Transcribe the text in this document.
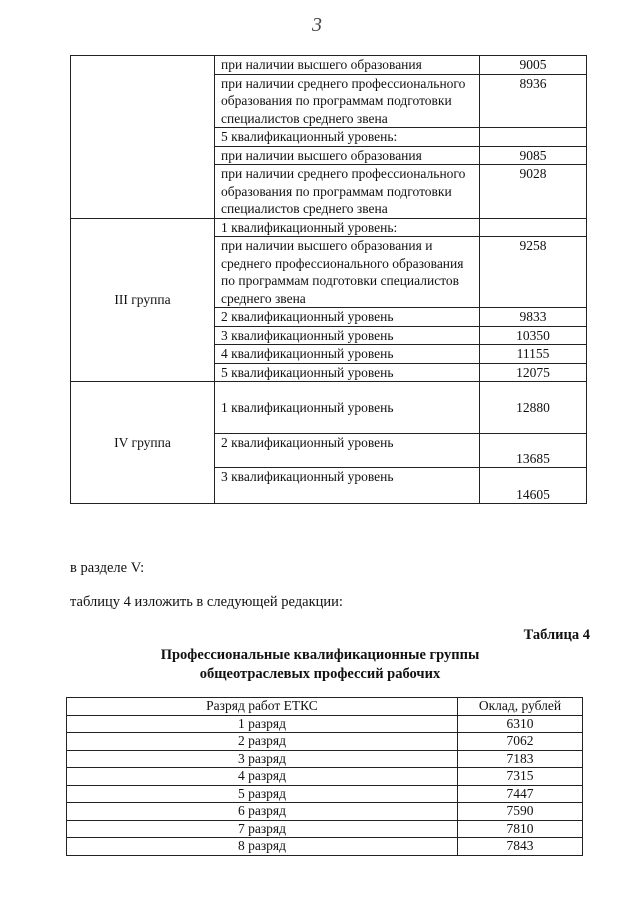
3
	при наличии высшего образования	9005
	при наличии среднего профессионального образования по программам подготовки специалистов среднего звена	8936
	5 квалификационный уровень:	
	при наличии высшего образования	9085
	при наличии среднего профессионального образования по программам подготовки специалистов среднего звена	9028
III группа	1 квалификационный уровень:	
	при наличии высшего образования и среднего профессионального образования по программам подготовки специалистов среднего звена	9258
	2 квалификационный уровень	9833
	3 квалификационный уровень	10350
	4 квалификационный уровень	11155
	5 квалификационный уровень	12075
IV группа	1 квалификационный уровень	12880
	2 квалификационный уровень	13685
	3 квалификационный уровень	14605
в разделе V:
таблицу 4 изложить в следующей редакции:
Таблица 4
Профессиональные квалификационные группы
общеотраслевых профессий рабочих
Разряд работ ЕТКС	Оклад, рублей
1 разряд	6310
2 разряд	7062
3 разряд	7183
4 разряд	7315
5 разряд	7447
6 разряд	7590
7 разряд	7810
8 разряд	7843
